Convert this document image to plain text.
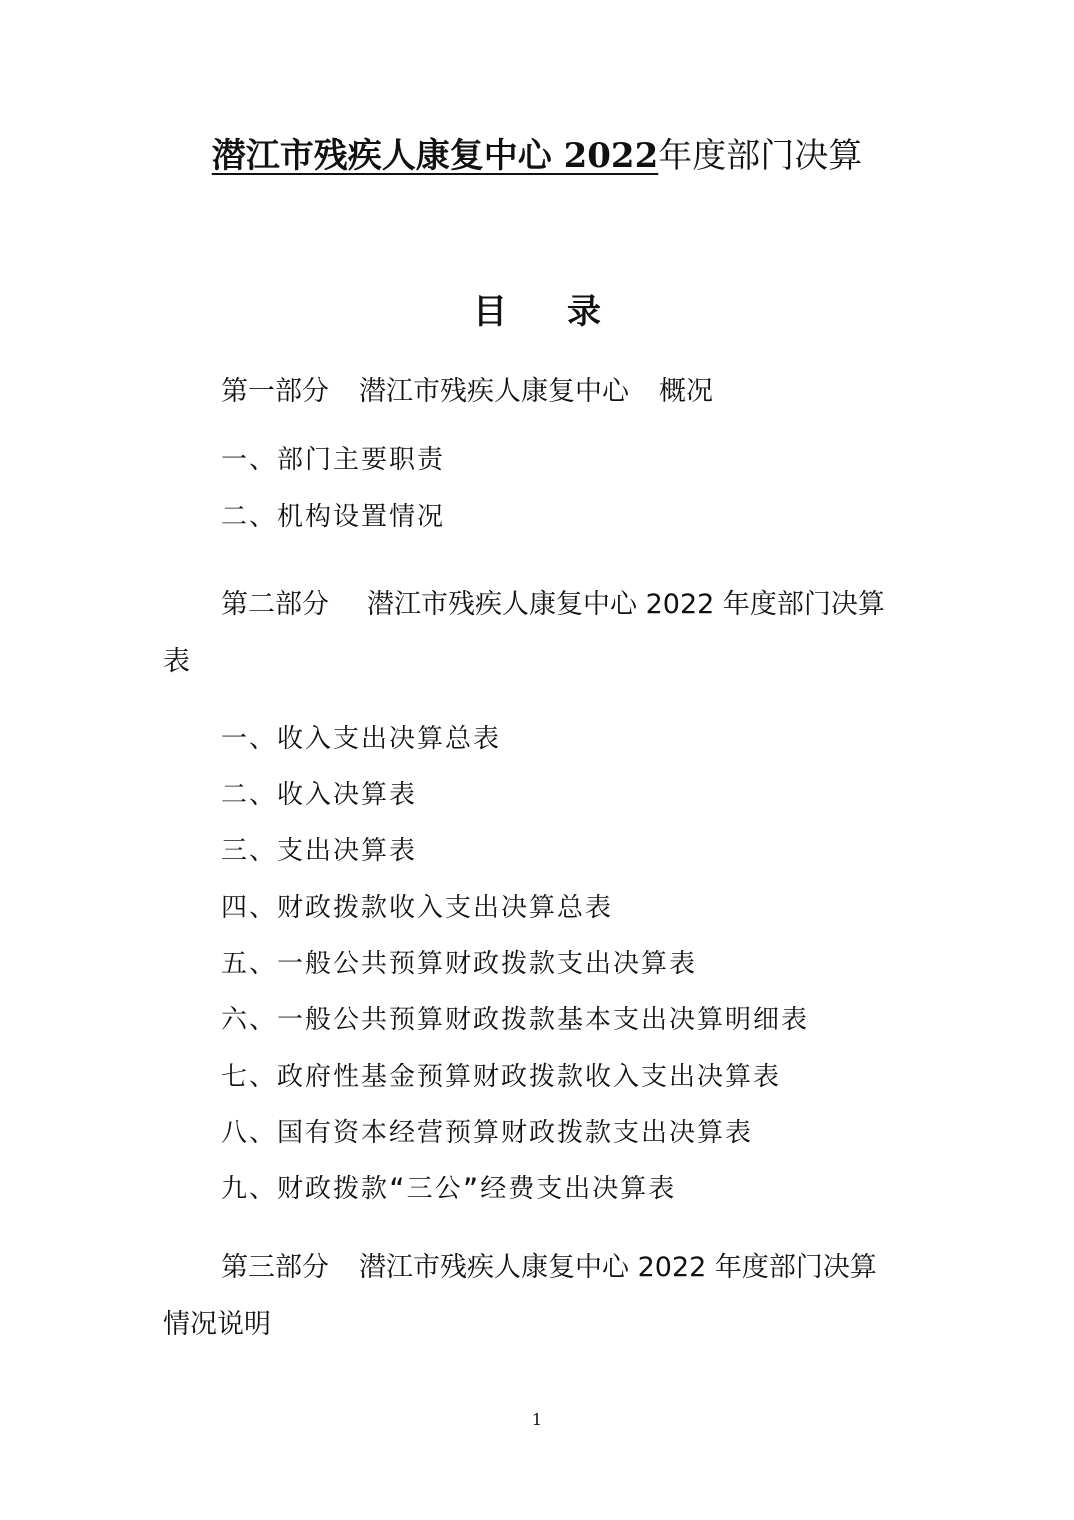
潜江市残疾人康复中心 2022年度部门决算
目录
第一部分 潜江市残疾人康复中心 概况
一、部门主要职责
二、机构设置情况
第二部分 潜江市残疾人康复中心 2022 年度部门决算
表
一、收入支出决算总表
二、收入决算表
三、支出决算表
四、财政拨款收入支出决算总表
五、一般公共预算财政拨款支出决算表
六、一般公共预算财政拨款基本支出决算明细表
七、政府性基金预算财政拨款收入支出决算表
八、国有资本经营预算财政拨款支出决算表
九、财政拨款“三公”经费支出决算表
第三部分 潜江市残疾人康复中心 2022 年度部门决算
情况说明
1
